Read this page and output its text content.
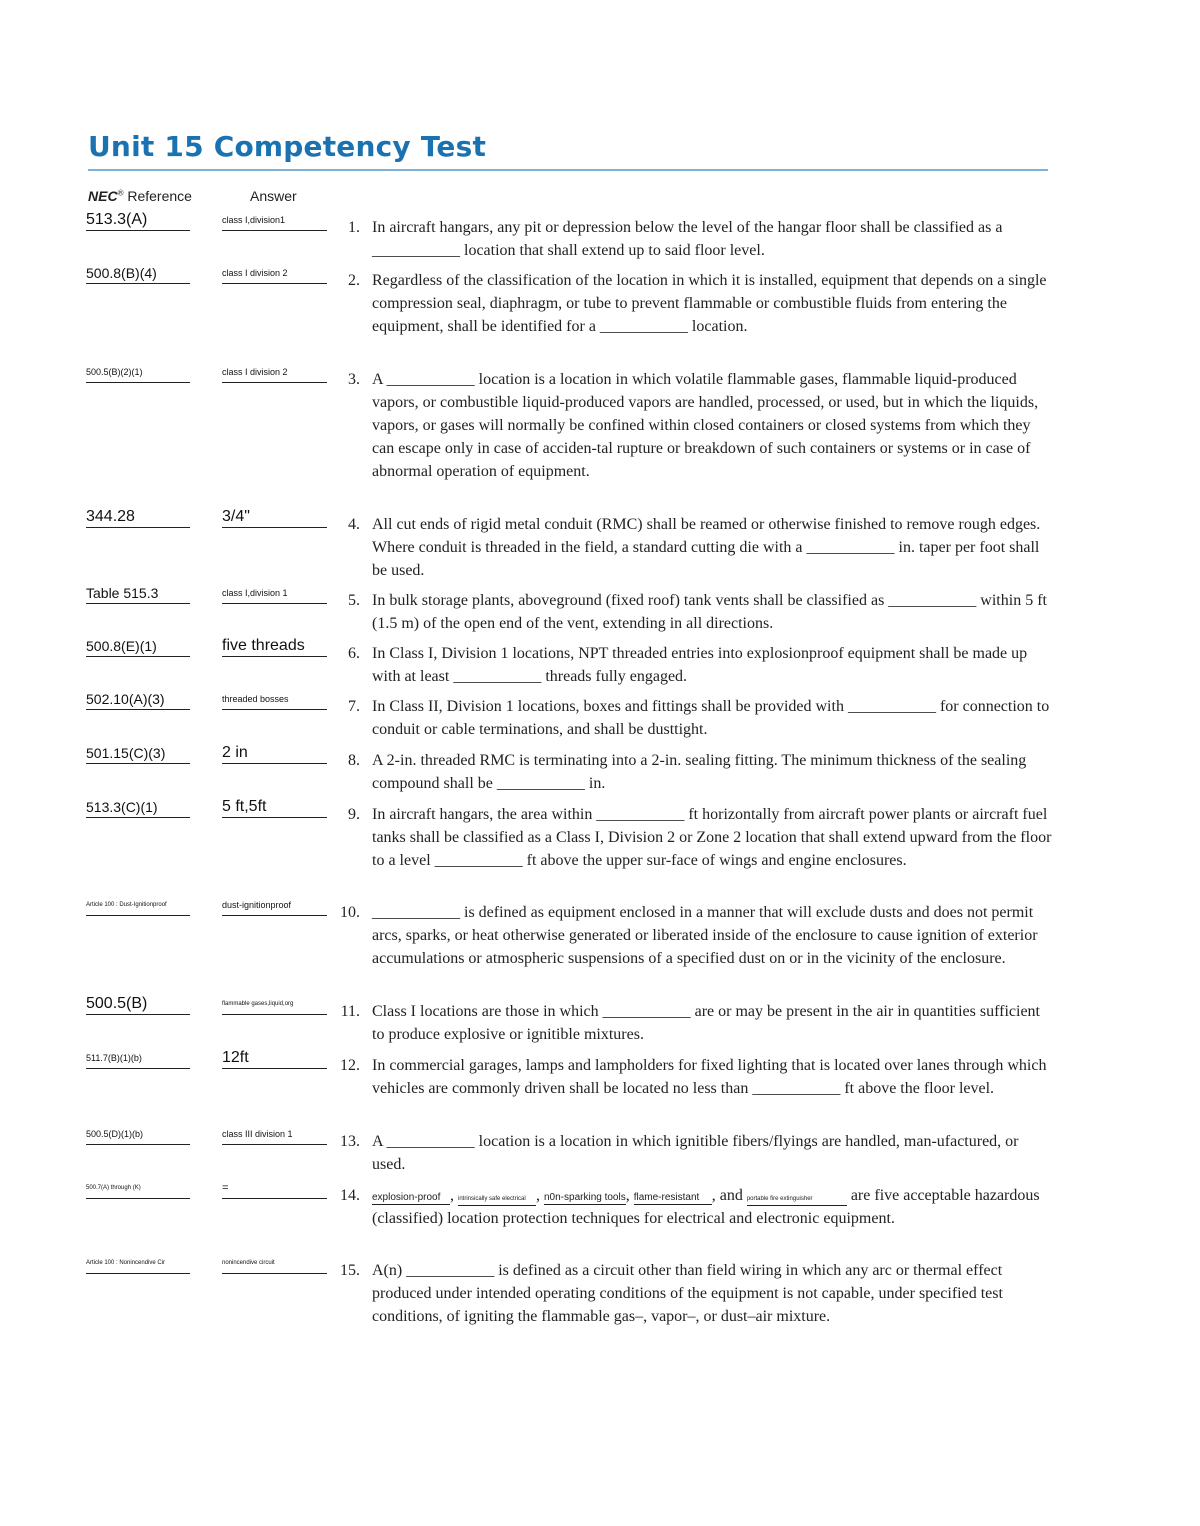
Unit 15 Competency Test
NEC® Reference	Answer
513.3(A)	class I,division1	1. In aircraft hangars, any pit or depression below the level of the hangar floor shall be classified as a ___________ location that shall extend up to said floor level.
500.8(B)(4)	class I division 2	2. Regardless of the classification of the location in which it is installed, equipment that depends on a single compression seal, diaphragm, or tube to prevent flammable or combustible fluids from entering the equipment, shall be identified for a ___________ location.
500.5(B)(2)(1)	class I division 2	3. A ___________ location is a location in which volatile flammable gases, flammable liquid-produced vapors, or combustible liquid-produced vapors are handled, processed, or used, but in which the liquids, vapors, or gases will normally be confined within closed containers or closed systems from which they can escape only in case of acciden-tal rupture or breakdown of such containers or systems or in case of abnormal operation of equipment.
344.28	3/4"	4. All cut ends of rigid metal conduit (RMC) shall be reamed or otherwise finished to remove rough edges. Where conduit is threaded in the field, a standard cutting die with a ___________ in. taper per foot shall be used.
Table 515.3	class I,division 1	5. In bulk storage plants, aboveground (fixed roof) tank vents shall be classified as ___________ within 5 ft (1.5 m) of the open end of the vent, extending in all directions.
500.8(E)(1)	five threads	6. In Class I, Division 1 locations, NPT threaded entries into explosionproof equipment shall be made up with at least ___________ threads fully engaged.
502.10(A)(3)	threaded bosses	7. In Class II, Division 1 locations, boxes and fittings shall be provided with ___________ for connection to conduit or cable terminations, and shall be dusttight.
501.15(C)(3)	2 in	8. A 2-in. threaded RMC is terminating into a 2-in. sealing fitting. The minimum thickness of the sealing compound shall be ___________ in.
513.3(C)(1)	5 ft,5ft	9. In aircraft hangars, the area within ___________ ft horizontally from aircraft power plants or aircraft fuel tanks shall be classified as a Class I, Division 2 or Zone 2 location that shall extend upward from the floor to a level ___________ ft above the upper sur-face of wings and engine enclosures.
Article 100 : Dust-Ignitionproof	dust-ignitionproof	10. ___________ is defined as equipment enclosed in a manner that will exclude dusts and does not permit arcs, sparks, or heat otherwise generated or liberated inside of the enclosure to cause ignition of exterior accumulations or atmospheric suspensions of a specified dust on or in the vicinity of the enclosure.
500.5(B)	flammable gases,liquid,org	11. Class I locations are those in which ___________ are or may be present in the air in quantities sufficient to produce explosive or ignitible mixtures.
511.7(B)(1)(b)	12ft	12. In commercial garages, lamps and lampholders for fixed lighting that is located over lanes through which vehicles are commonly driven shall be located no less than ___________ ft above the floor level.
500.5(D)(1)(b)	class III division 1	13. A ___________ location is a location in which ignitible fibers/flyings are handled, man-ufactured, or used.
500.7(A) through (K)	=	14. explosion-proof , intrinsically safe electrical , n0n-sparking tools, flame-resistant , and portable fire extinguisher are five acceptable hazardous (classified) location protection techniques for electrical and electronic equipment.
Article 100 : Nonincendive Cir	nonincendive circuit	15. A(n) ___________ is defined as a circuit other than field wiring in which any arc or thermal effect produced under intended operating conditions of the equipment is not capable, under specified test conditions, of igniting the flammable gas–, vapor–, or dust–air mixture.
